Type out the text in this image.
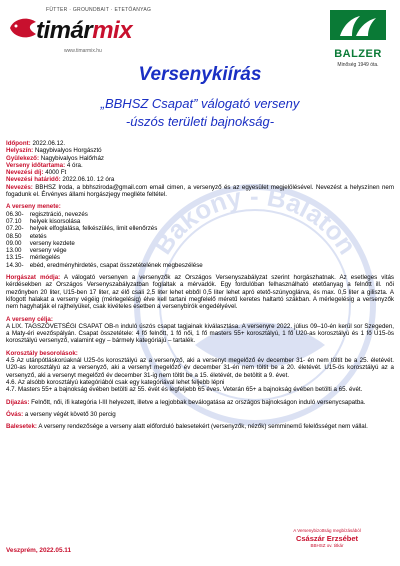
FÜTTER · GROUNDBAIT · ETETŐANYAG
timármix
www.timarmix.hu	BALZER
Minőség 1949 óta.
Versenykiírás
„BBHSZ Csapat” válogató verseny
-úszós területi bajnokság-
Bakony - Balaton
Időpont: 2022.06.12.
Helyszín: Nagybivalyos Horgásztó
Gyülekező: Nagybivalyos Halőrház
Verseny időtartama: 4 óra.
Nevezési díj: 4000 Ft
Nevezési határidő: 2022.06.10. 12 óra
Nevezés: BBHSZ Iroda, a bbhsziroda@gmail.com email cimen, a versenyző és az egyesület megjelölésével. Nevezést a helyszínen nem fogadunk el. Érvényes állami horgászjegy meglléte feltétel.
A verseny menete:
06.30- regisztráció, nevezés
07.10 helyek kisorsolása
07.20- helyek elfoglalása, felkészülés, limit ellenőrzés
08.50 etetés
09.00 verseny kezdete
13.00 verseny vége
13.15- mérlegelés
14.30- ebéd, eredményhirdetés, csapat összetételének megbeszélése
Horgászat módja: A válogató versenyen a versenyzők az Országos Versenyszabályzat szerint horgászhatnak. Az esetleges vitás kérdésekben az Országos Versenyszabályzatban foglaltak a mérvadók. Egy fordulóban felhasználható etetőanyag a felnőtt ill. női mezőnyben 20 liter, U15-ben 17 liter, az élő csali 2,5 liter lehet ebből 0,5 liter lehet apró etető-szúnyoglárva, és max. 0,5 liter a gilisztа. A kifogott halakat a verseny végéig (mérlegelésig) élve kell tartani megfelelő méretű keretes haltartó szákban. A mérlegelésig a versenyzők nem hagyhatják el rajthelyüket, csak kivételes esetben a versenybírók engedélyével.
A verseny célja:
A LIX. TAGSZÖVETSÉGI CSAPAT OB-n induló úszós csapat tagjainak kiválasztása. A versenyre 2022. július 09–10-én kerül sor Szegeden, a Maty-éri evezőspályán. Csapat összetétele: 4 fő felnőtt, 1 fő női, 1 fő masters 55+ korosztályú, 1 fő U20-as korosztályú és 1 fő U15-ös korosztályú versenyző, valamint egy – bármely kategóriájú – tartalék.
Korosztály besorolások:
4.5 Az utánpótláskorúaknál U25-ös korosztályú az a versenyző, aki a versenyt megelőző év december 31- én nem töltit be a 25. életévét. U20-as korosztályú az a versenyző, aki a versenyt megelőző év december 31-én nem töltit be a 20. életévét. U15-ös korosztályú az a versenyző, aki a versenyt megelőző év december 31-ig nem töltit be a 15. életévét, de betöltit a 9. évet.
4.6. Az alsóbb korosztályú kategóriából csak egy kategóriával lehet feljebb lépni
4.7. Masters 55+ a bajnokság évében betölti az 55. évét és legfeljebb 65 éves. Veterán 65+ a bajnokság évében betölti a 65. évét.
Díjazás: Felnőtt, női, ifi kategória I-III helyezett, illetve a legjobbak beválogatása az országos bajnokságon induló versenycsapatba.
Óvás: a verseny végét követő 30 percig
Balesetek: A verseny rendezősége a verseny alatt előforduló balesetekért (versenyzők, nézők) semminemű felelősséget nem vállal.
Veszprém, 2022.05.11
A Versenybizottság megbízásából
Császár Erzsébet
BBHSZ ov. titkár
